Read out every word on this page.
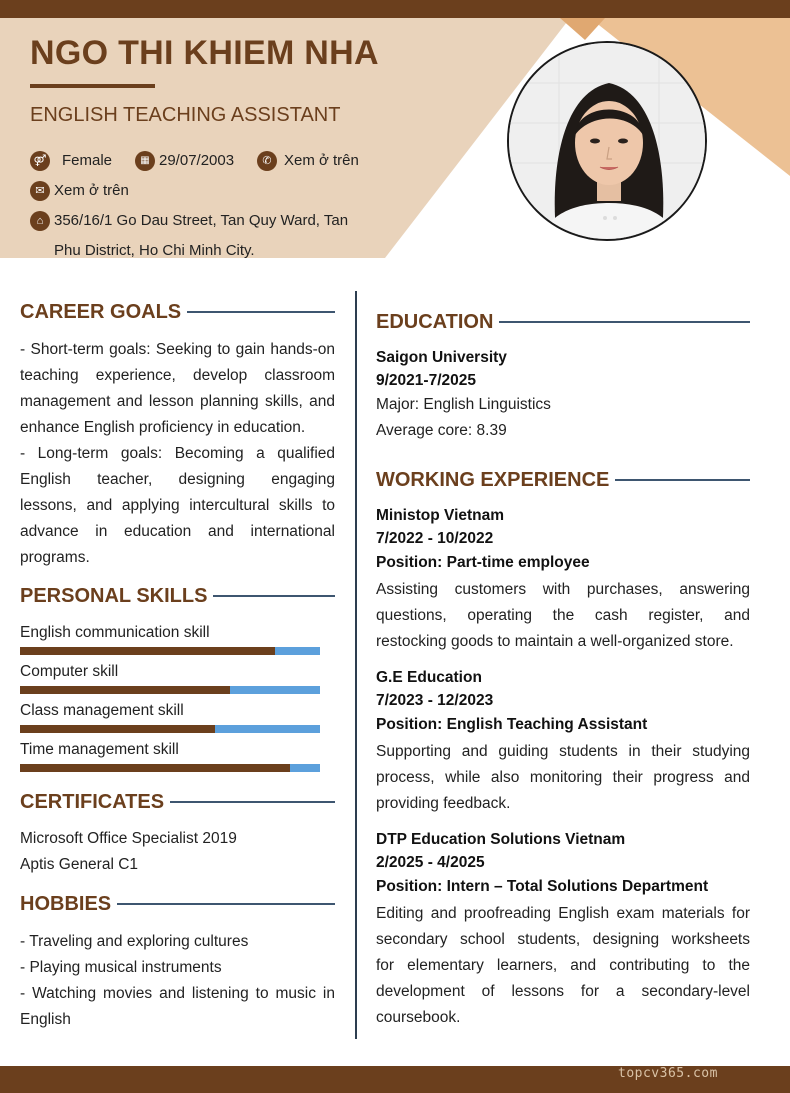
NGO THI KHIEM NHA
ENGLISH TEACHING ASSISTANT
⚤ Female	▦ 29/07/2003	✆ Xem ở trên
✉ Xem ở trên
⌂ 356/16/1 Go Dau Street, Tan Quy Ward, Tan
Phu District, Ho Chi Minh City.
CAREER GOALS
- Short-term goals: Seeking to gain hands-on
teaching experience, develop classroom
management and lesson planning skills, and
enhance English proficiency in education.
- Long-term goals: Becoming a qualified
English teacher, designing engaging
lessons, and applying intercultural skills to
advance in education and international
programs.
PERSONAL SKILLS
English communication skill
Computer skill
Class management skill
Time management skill
CERTIFICATES
Microsoft Office Specialist 2019
Aptis General C1
HOBBIES
- Traveling and exploring cultures
- Playing musical instruments
- Watching movies and listening to music in
English
EDUCATION
Saigon University
9/2021-7/2025
Major: English Linguistics
Average core: 8.39
WORKING EXPERIENCE
Ministop Vietnam
7/2022 - 10/2022
Position: Part-time employee
Assisting customers with purchases, answering
questions, operating the cash register, and
restocking goods to maintain a well-organized store.
G.E Education
7/2023 - 12/2023
Position: English Teaching Assistant
Supporting and guiding students in their studying
process, while also monitoring their progress and
providing feedback.
DTP Education Solutions Vietnam
2/2025 - 4/2025
Position: Intern – Total Solutions Department
Editing and proofreading English exam materials for
secondary school students, designing worksheets
for elementary learners, and contributing to the
development of lessons for a secondary-level
coursebook.
topcv365.com
